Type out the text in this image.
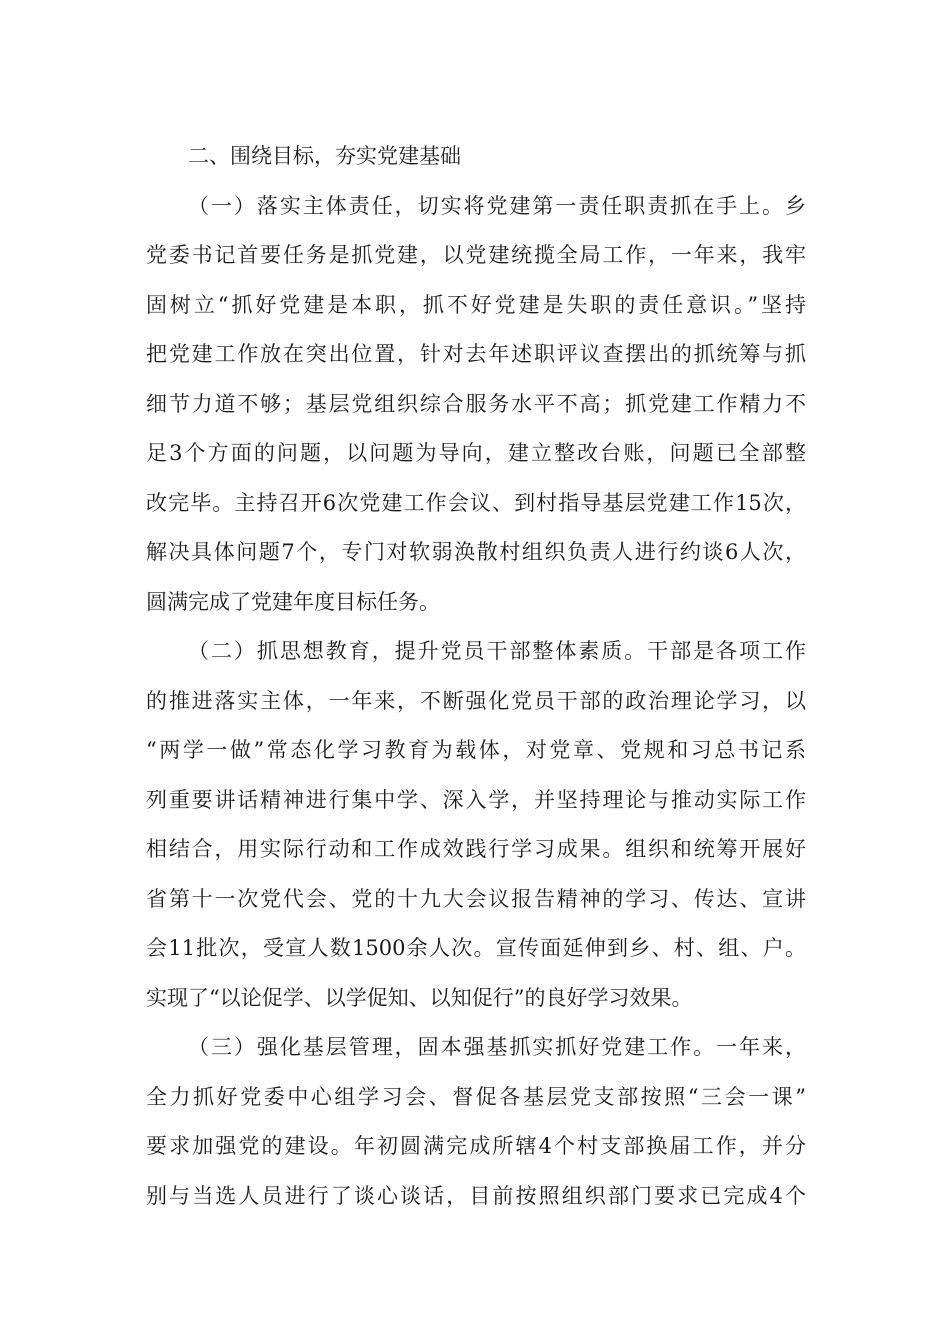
二、围绕目标，夯实党建基础
（一）落实主体责任，切实将党建第一责任职责抓在手上。乡
党委书记首要任务是抓党建，以党建统揽全局工作，一年来，我牢
固树立“抓好党建是本职，抓不好党建是失职的责任意识。”坚持
把党建工作放在突出位置，针对去年述职评议查摆出的抓统筹与抓
细节力道不够；基层党组织综合服务水平不高；抓党建工作精力不
足3个方面的问题，以问题为导向，建立整改台账，问题已全部整
改完毕。主持召开6次党建工作会议、到村指导基层党建工作15次，
解决具体问题7个，专门对软弱涣散村组织负责人进行约谈6人次，
圆满完成了党建年度目标任务。
（二）抓思想教育，提升党员干部整体素质。干部是各项工作
的推进落实主体，一年来，不断强化党员干部的政治理论学习，以
“两学一做”常态化学习教育为载体，对党章、党规和习总书记系
列重要讲话精神进行集中学、深入学，并坚持理论与推动实际工作
相结合，用实际行动和工作成效践行学习成果。组织和统筹开展好
省第十一次党代会、党的十九大会议报告精神的学习、传达、宣讲
会11批次，受宣人数1500余人次。宣传面延伸到乡、村、组、户。
实现了“以论促学、以学促知、以知促行”的良好学习效果。
（三）强化基层管理，固本强基抓实抓好党建工作。一年来，
全力抓好党委中心组学习会、督促各基层党支部按照“三会一课”
要求加强党的建设。年初圆满完成所辖4个村支部换届工作，并分
别与当选人员进行了谈心谈话，目前按照组织部门要求已完成4个
